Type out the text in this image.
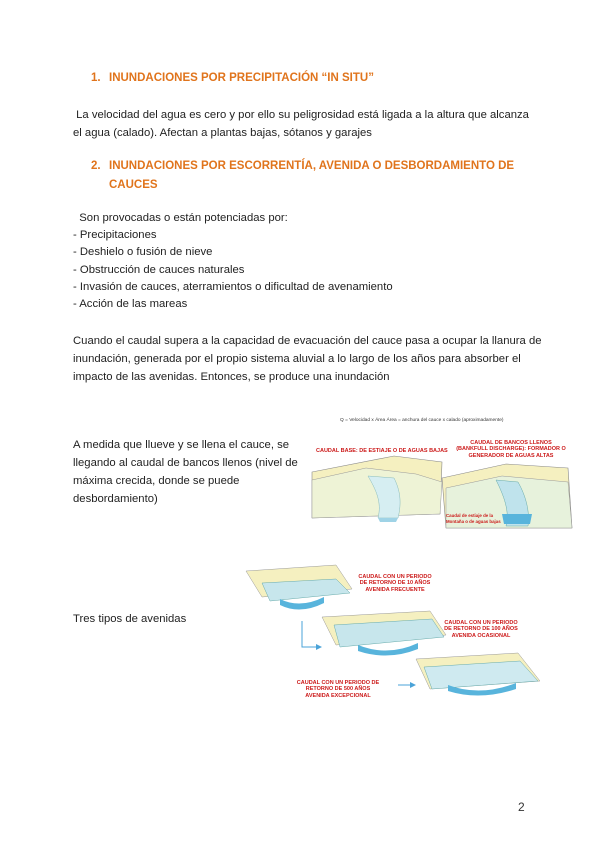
1. INUNDACIONES POR PRECIPITACIÓN “IN SITU”
La velocidad del agua es cero y por ello su peligrosidad está ligada a la altura que alcanza
el agua (calado). Afectan a plantas bajas, sótanos y garajes
2. INUNDACIONES POR ESCORRENTÍA, AVENIDA O DESBORDAMIENTO DE
CAUCES
Son provocadas o están potenciadas por:
- Precipitaciones
- Deshielo o fusión de nieve
- Obstrucción de cauces naturales
- Invasión de cauces, aterramientos o dificultad de avenamiento
- Acción de las mareas
Cuando el caudal supera a la capacidad de evacuación del cauce pasa a ocupar la llanura de
inundación, generada por el propio sistema aluvial a lo largo de los años para absorber el
impacto de las avenidas. Entonces, se produce una inundación
A medida que llueve y se llena el cauce, se
llegando al caudal de bancos llenos (nivel de
máxima crecida, donde se puede
desbordamiento)
Q = Velocidad x Área Área = anchura del cauce x calado (aproximadamente)
CAUDAL BASE: DE ESTIAJE O DE AGUAS BAJAS
CAUDAL DE BANCOS LLENOS
(BANKFULL DISCHARGE): FORMADOR O
GENERADOR DE AGUAS ALTAS
Caudal de estiaje de la
Montaña o de aguas bajas
Tres tipos de avenidas
CAUDAL CON UN PERIODO
DE RETORNO DE 10 AÑOS
AVENIDA FRECUENTE
CAUDAL CON UN PERIODO
DE RETORNO DE 100 AÑOS
AVENIDA OCASIONAL
CAUDAL CON UN PERIODO DE
RETORNO DE 500 AÑOS
AVENIDA EXCEPCIONAL
2
